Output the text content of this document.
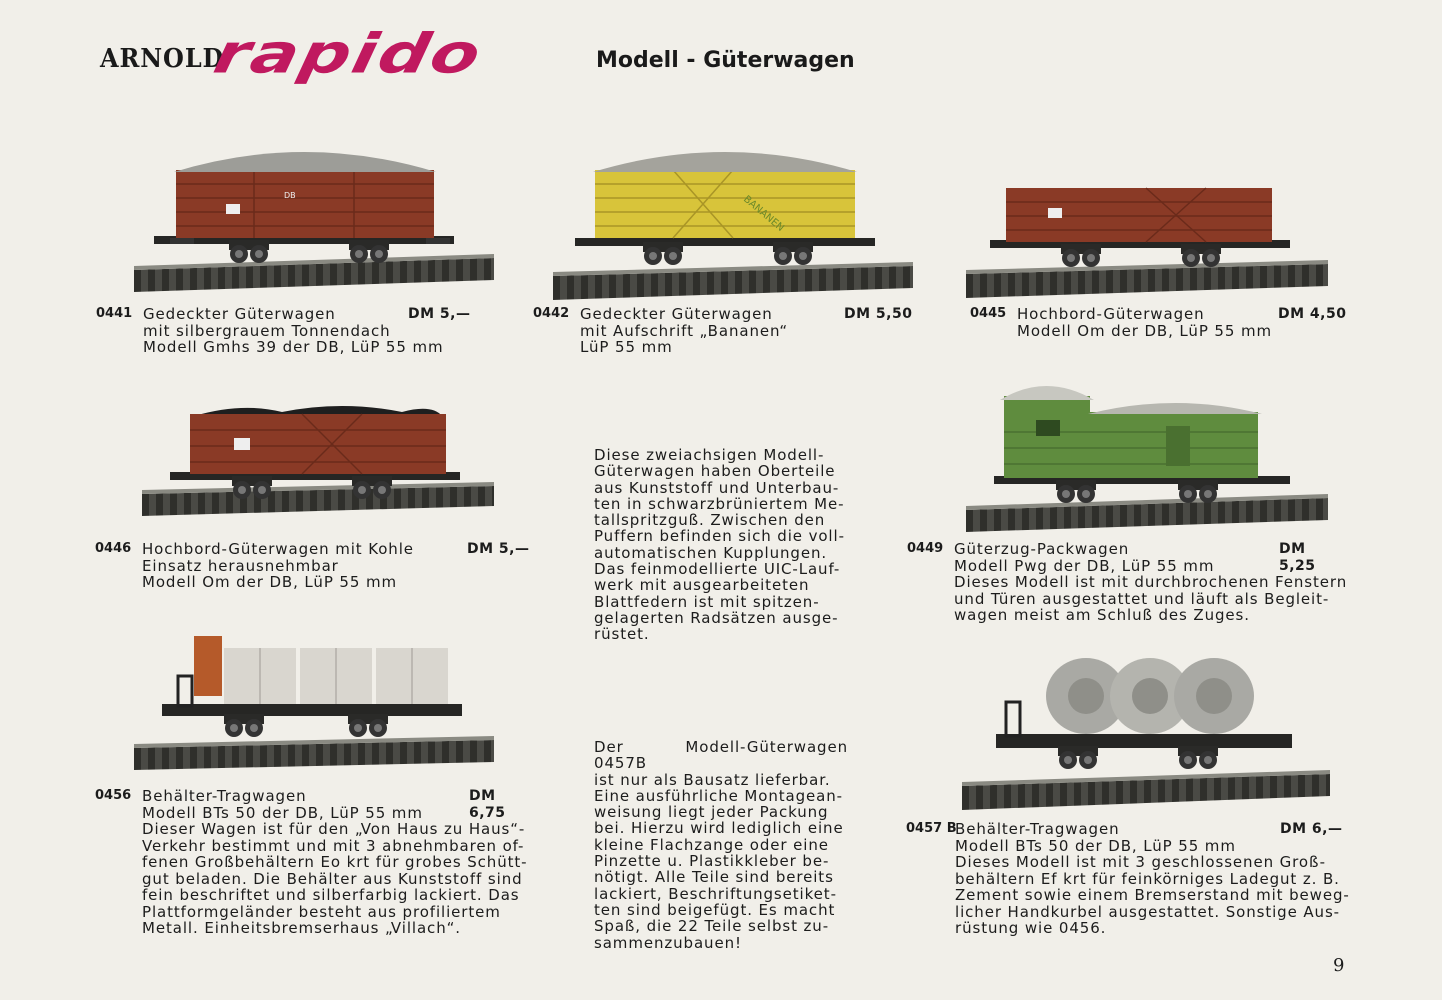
ARNOLD
rapido	Modell - Güterwagen
DB	BANANEN
0441 Gedeckter Güterwagen
mit silbergrauem Tonnendach
Modell Gmhs 39 der DB, LüP 55 mm
DM 5,—	0442 Gedeckter Güterwagen
mit Aufschrift „Bananen“
LüP 55 mm
DM 5,50	0445 Hochbord-Güterwagen
Modell Om der DB, LüP 55 mm
DM 4,50
0446 Hochbord-Güterwagen mit Kohle
Einsatz herausnehmbar
Modell Om der DB, LüP 55 mm
DM 5,—	0449 Güterzug-Packwagen
Modell Pwg der DB, LüP 55 mm
Dieses Modell ist mit durchbrochenen Fenstern
und Türen ausgestattet und läuft als Begleit-
wagen meist am Schluß des Zuges.
DM 5,25
0456 Behälter-Tragwagen
Modell BTs 50 der DB, LüP 55 mm
Dieser Wagen ist für den „Von Haus zu Haus“-
Verkehr bestimmt und mit 3 abnehmbaren of-
fenen Großbehältern Eo krt für grobes Schütt-
gut beladen. Die Behälter aus Kunststoff sind
fein beschriftet und silberfarbig lackiert. Das
Plattformgeländer besteht aus profiliertem
Metall. Einheitsbremserhaus „Villach“.
DM 6,75
0457 B
Behälter-Tragwagen
Modell BTs 50 der DB, LüP 55 mm
Dieses Modell ist mit 3 geschlossenen Groß-
behältern Ef krt für feinkörniges Ladegut z. B.
Zement sowie einem Bremserstand mit beweg-
licher Handkurbel ausgestattet. Sonstige Aus-
rüstung wie 0456.
DM 6,—
Diese zweiachsigen Modell-
Güterwagen haben Oberteile
aus Kunststoff und Unterbau-
ten in schwarzbrüniertem Me-
tallspritzguß. Zwischen den
Puffern befinden sich die voll-
automatischen Kupplungen.
Das feinmodellierte UIC-Lauf-
werk mit ausgearbeiteten
Blattfedern ist mit spitzen-
gelagerten Radsätzen ausge-
rüstet.
Der Modell-Güterwagen 0457B
ist nur als Bausatz lieferbar.
Eine ausführliche Montagean-
weisung liegt jeder Packung
bei. Hierzu wird lediglich eine
kleine Flachzange oder eine
Pinzette u. Plastikkleber be-
nötigt. Alle Teile sind bereits
lackiert, Beschriftungsetiket-
ten sind beigefügt. Es macht
Spaß, die 22 Teile selbst zu-
sammenzubauen!
9
